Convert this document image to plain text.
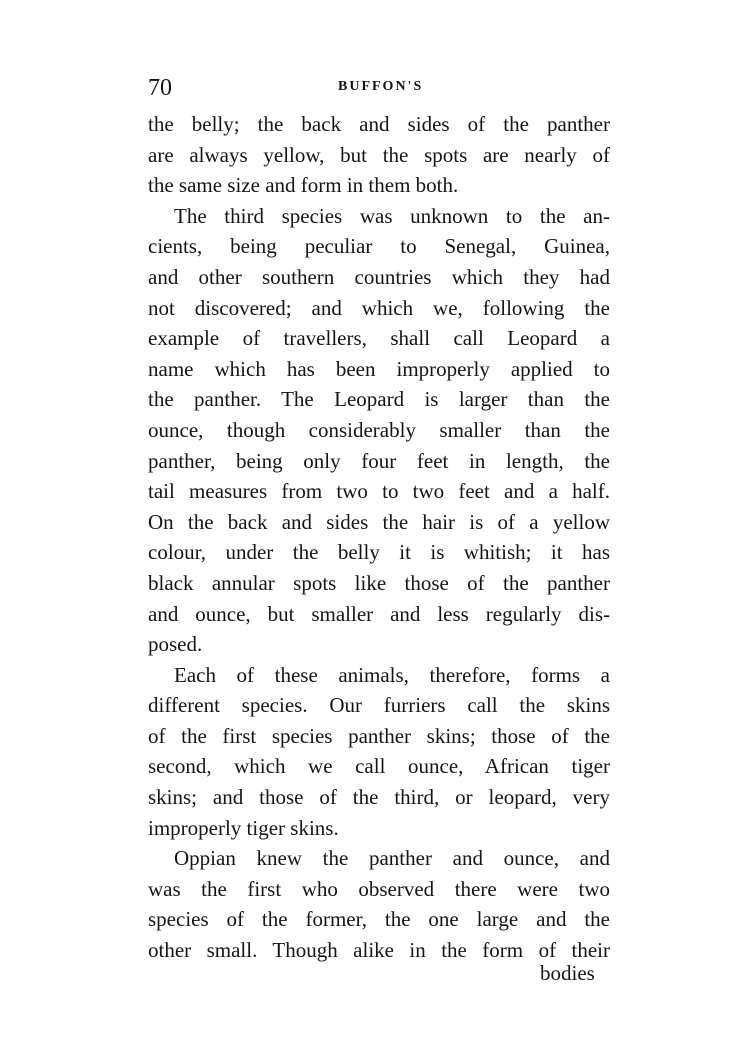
70	BUFFON'S
the belly; the back and sides of the panther
are always yellow, but the spots are nearly of
the same size and form in them both.
The third species was unknown to the an-
cients, being peculiar to Senegal, Guinea,
and other southern countries which they had
not discovered; and which we, following the
example of travellers, shall call Leopard a
name which has been improperly applied to
the panther. The Leopard is larger than the
ounce, though considerably smaller than the
panther, being only four feet in length, the
tail measures from two to two feet and a half.
On the back and sides the hair is of a yellow
colour, under the belly it is whitish; it has
black annular spots like those of the panther
and ounce, but smaller and less regularly dis-
posed.
Each of these animals, therefore, forms a
different species. Our furriers call the skins
of the first species panther skins; those of the
second, which we call ounce, African tiger
skins; and those of the third, or leopard, very
improperly tiger skins.
Oppian knew the panther and ounce, and
was the first who observed there were two
species of the former, the one large and the
other small. Though alike in the form of their
bodies
